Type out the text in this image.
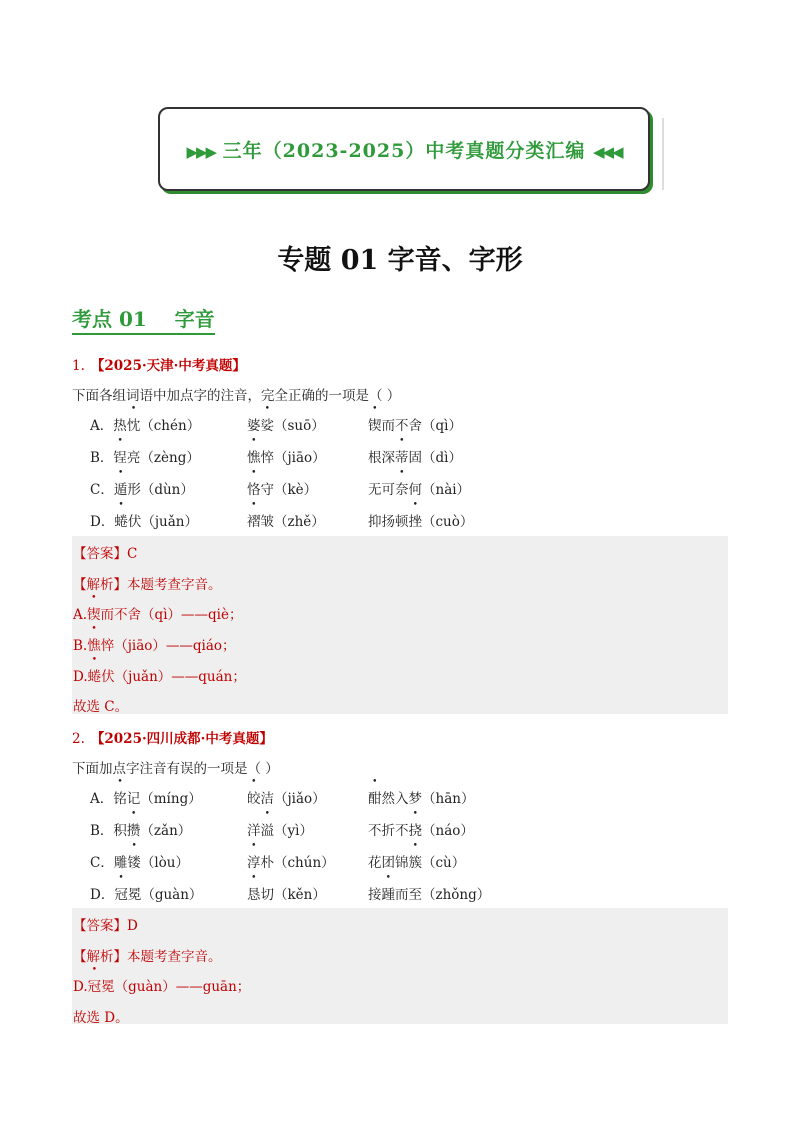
▶▶▶ 三年（2023-2025）中考真题分类汇编 ◀◀◀
专题 01 字音、字形
考点 01    字音
1. 【2025·天津·中考真题】
下面各组词语中加点字的注音，完全正确的一项是（ ）
A．热忱（chén）	婆娑（suō）	锲而不舍（qì）
B．锃亮（zèng）	憔悴（jiāo）	根深蒂固（dì）
C．遁形（dùn）	恪守（kè）	无可奈何（nài）
D．蜷伏（juǎn）	褶皱（zhě）	抑扬顿挫（cuò）
【答案】C
【解析】本题考查字音。
A.锲而不舍（qì）——qiè；
B.憔悴（jiāo）——qiáo；
D.蜷伏（juǎn）——quán；
故选 C。
2. 【2025·四川成都·中考真题】
下面加点字注音有误的一项是（ ）
A．铭记（míng）	皎洁（jiǎo）	酣然入梦（hān）
B．积攒（zǎn）	洋溢（yì）	不折不挠（náo）
C．雕镂（lòu）	淳朴（chún） 花团锦簇（cù）
D．冠冕（guàn）	恳切（kěn）	接踵而至（zhǒng）
【答案】D
【解析】本题考查字音。
D.冠冕（guàn）——guān；
故选 D。
